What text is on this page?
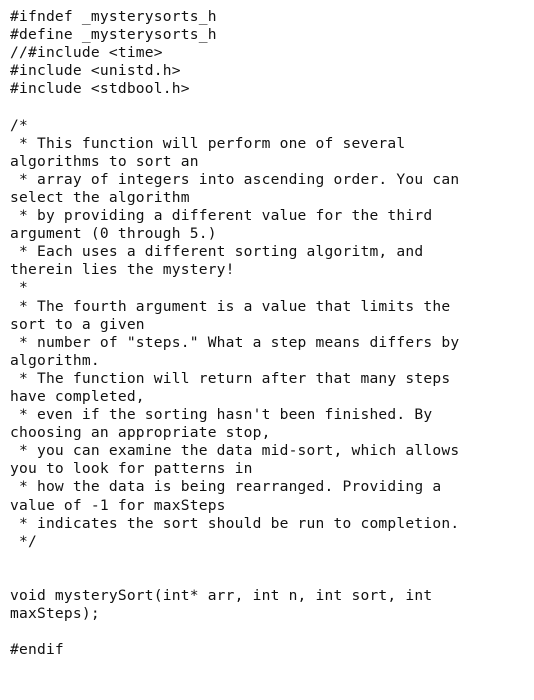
#ifndef _mysterysorts_h
#define _mysterysorts_h
//#include <time>
#include <unistd.h>
#include <stdbool.h>
/*
* This function will perform one of several
algorithms to sort an
* array of integers into ascending order. You can
select the algorithm
* by providing a different value for the third
argument (0 through 5.)
* Each uses a different sorting algoritm, and
therein lies the mystery!
*
* The fourth argument is a value that limits the
sort to a given
* number of "steps." What a step means differs by
algorithm.
* The function will return after that many steps
have completed,
* even if the sorting hasn't been finished. By
choosing an appropriate stop,
* you can examine the data mid-sort, which allows
you to look for patterns in
* how the data is being rearranged. Providing a
value of -1 for maxSteps
* indicates the sort should be run to completion.
*/
void mysterySort(int* arr, int n, int sort, int
maxSteps);
#endif
